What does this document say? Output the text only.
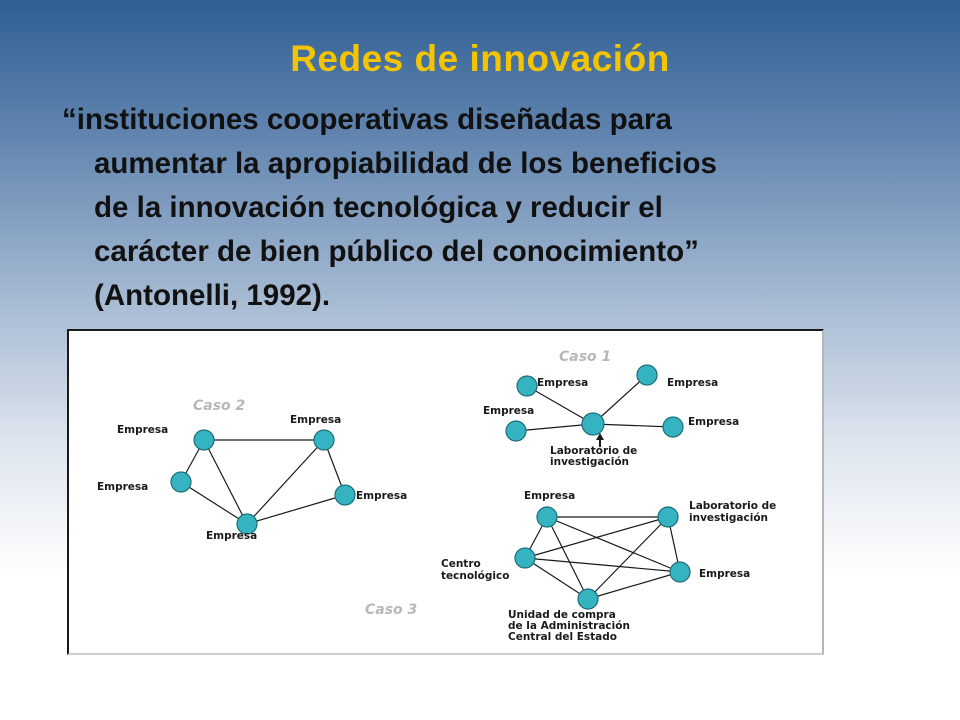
Redes de innovación

“instituciones cooperativas diseñadas para
aumentar la apropiabilidad de los beneficios
de la innovación tecnológica y reducir el
carácter de bien público del conocimiento”
(Antonelli, 1992).

Caso 1
Empresa	Empresa
Empresa
Empresa
Laboratorio de
investigación
Caso 2
Empresa
Empresa
Empresa
Empresa
Empresa
Caso 3
Empresa
Laboratorio de
investigación
Centro
tecnológico	Empresa
Unidad de compra
de la Administración
Central del Estado
